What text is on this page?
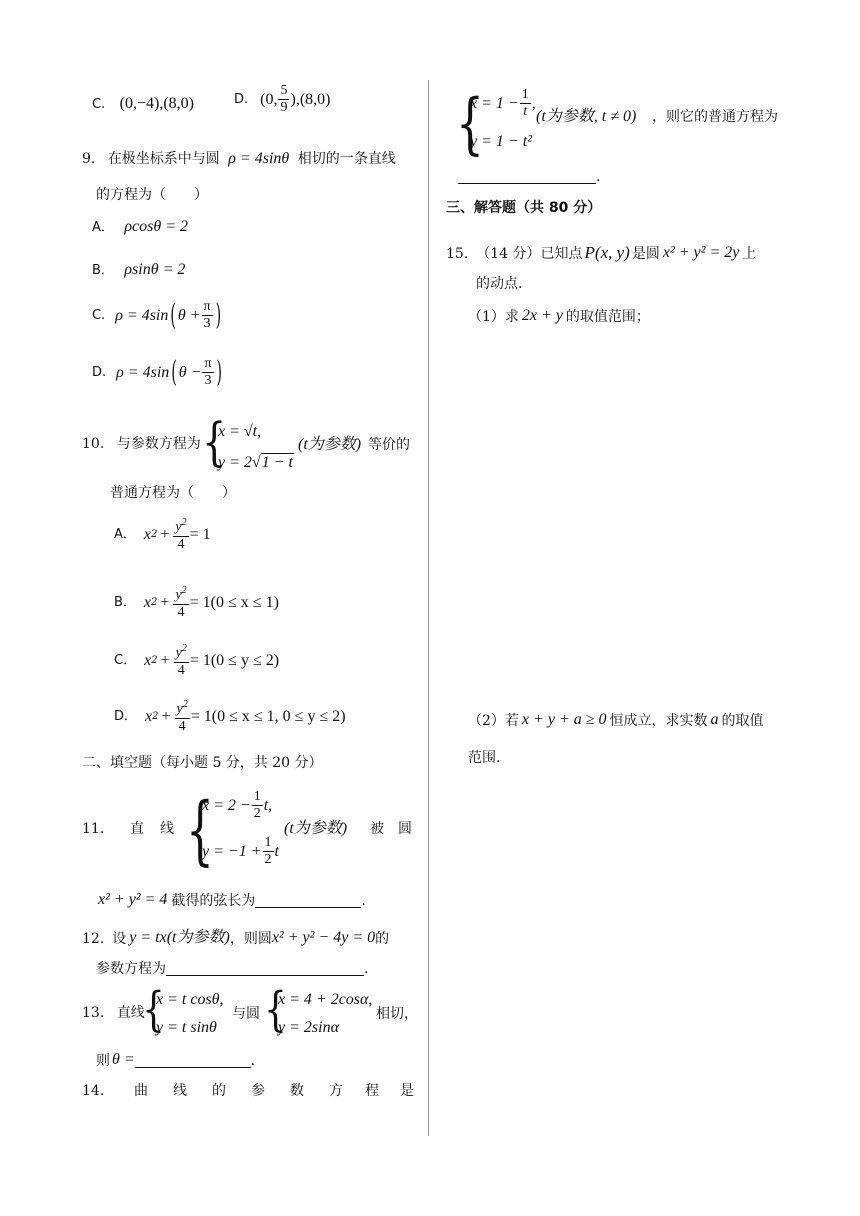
C. (0,−4),(8,0)	D. (0, $\frac{5}{9} ),(8,0)$
9. 在极坐标系中与圆 ρ = 4sinθ 相切的一条直线
的方程为（　　）
A． ρcosθ = 2
B． ρsinθ = 2
C. ρ = 4sin ( $\theta + \frac{\pi}{3}$ )
D. ρ = 4sin ( $\theta - \frac{\pi}{3}$ )
10. 与参数方程为 {
x = √t,
y = 2√1 − t
(t为参数) 等价的
普通方程为（　　）
A． x $2 + \frac{y^2}{4} = 1$
B． x $2 + \frac{y^2}{4} = 1(0 \le x \le 1)$
C． x $2 + \frac{y^2}{4} = 1(0 \le y \le 2)$
D． x $2 + \frac{y^2}{4} = 1(0 \le x \le 1$, 0 ≤ y ≤ 2)
二、填空题（每小题 5 分，共 20 分）
11. 直 线 {
$x = 2 - \frac{1}{2} t$,
$y = -1 + \frac{1}{2}$ t
(t为参数) 被 圆
x² + y² = 4 截得的弦长为	.
12. 设 y = tx(t为参数) ，则圆 x² + y² − 4y = 0 的
参数方程为	.
13. 直线
{
x = t cosθ,
y = t sinθ
与圆 {
x = 4 + 2cosα,
y = 2sinα
相切，
则 θ =	.
14. 曲 线 的 参 数 方 程 是
{
$x = 1 - \frac{1}{t}$ ,
y = 1 − t²
(t为参数, t ≠ 0) ，则它的普通方程为
.
三、解答题（共 80 分）
15. （14 分）已知点 P(x, y) 是圆 x² + y² = 2y 上
的动点.
（1）求 2x + y 的取值范围；
（2）若 x + y + a ≥ 0 恒成立，求实数 a 的取值
范围.
